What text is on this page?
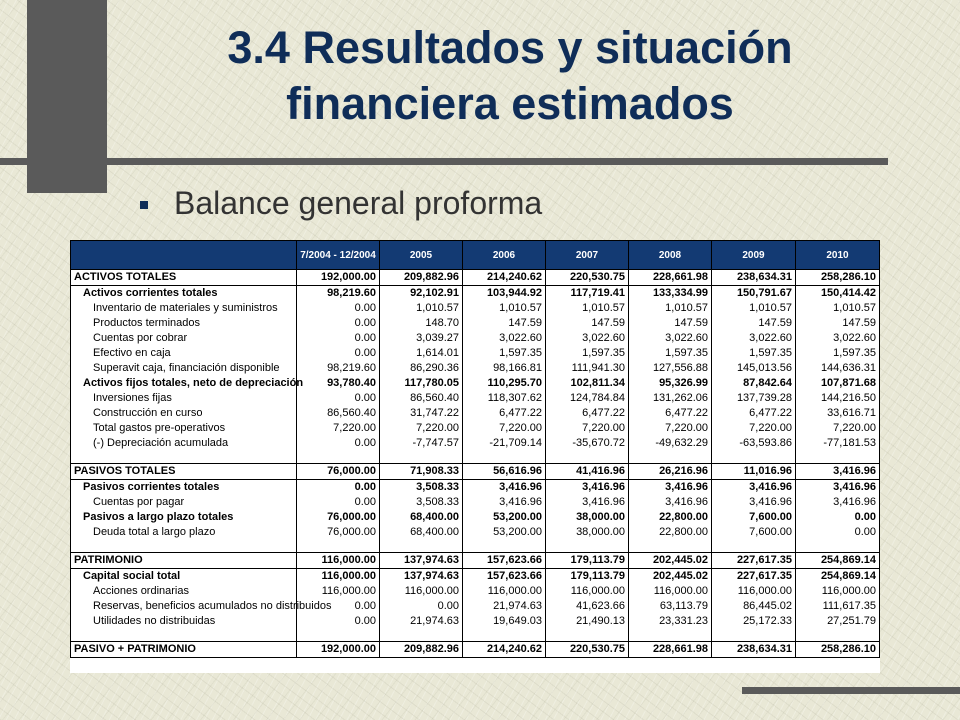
3.4 Resultados y situación
financiera estimados
Balance general proforma
	7/2004 - 12/2004	2005	2006	2007	2008	2009	2010
ACTIVOS TOTALES	192,000.00	209,882.96	214,240.62	220,530.75	228,661.98	238,634.31	258,286.10
Activos corrientes totales	98,219.60	92,102.91	103,944.92	117,719.41	133,334.99	150,791.67	150,414.42
Inventario de materiales y suministros	0.00	1,010.57	1,010.57	1,010.57	1,010.57	1,010.57	1,010.57
Productos terminados	0.00	148.70	147.59	147.59	147.59	147.59	147.59
Cuentas por cobrar	0.00	3,039.27	3,022.60	3,022.60	3,022.60	3,022.60	3,022.60
Efectivo en caja	0.00	1,614.01	1,597.35	1,597.35	1,597.35	1,597.35	1,597.35
Superavit caja, financiación disponible	98,219.60	86,290.36	98,166.81	111,941.30	127,556.88	145,013.56	144,636.31
Activos fijos totales, neto de depreciación	93,780.40	117,780.05	110,295.70	102,811.34	95,326.99	87,842.64	107,871.68
Inversiones fijas	0.00	86,560.40	118,307.62	124,784.84	131,262.06	137,739.28	144,216.50
Construcción en curso	86,560.40	31,747.22	6,477.22	6,477.22	6,477.22	6,477.22	33,616.71
Total gastos pre-operativos	7,220.00	7,220.00	7,220.00	7,220.00	7,220.00	7,220.00	7,220.00
(-) Depreciación acumulada	0.00	-7,747.57	-21,709.14	-35,670.72	-49,632.29	-63,593.86	-77,181.53

PASIVOS TOTALES	76,000.00	71,908.33	56,616.96	41,416.96	26,216.96	11,016.96	3,416.96
Pasivos corrientes totales	0.00	3,508.33	3,416.96	3,416.96	3,416.96	3,416.96	3,416.96
Cuentas por pagar	0.00	3,508.33	3,416.96	3,416.96	3,416.96	3,416.96	3,416.96
Pasivos a largo plazo totales	76,000.00	68,400.00	53,200.00	38,000.00	22,800.00	7,600.00	0.00
Deuda total a largo plazo	76,000.00	68,400.00	53,200.00	38,000.00	22,800.00	7,600.00	0.00

PATRIMONIO	116,000.00	137,974.63	157,623.66	179,113.79	202,445.02	227,617.35	254,869.14
Capital social total	116,000.00	137,974.63	157,623.66	179,113.79	202,445.02	227,617.35	254,869.14
Acciones ordinarias	116,000.00	116,000.00	116,000.00	116,000.00	116,000.00	116,000.00	116,000.00
Reservas, beneficios acumulados no distribuidos	0.00	0.00	21,974.63	41,623.66	63,113.79	86,445.02	111,617.35
Utilidades no distribuidas	0.00	21,974.63	19,649.03	21,490.13	23,331.23	25,172.33	27,251.79

PASIVO + PATRIMONIO	192,000.00	209,882.96	214,240.62	220,530.75	228,661.98	238,634.31	258,286.10
